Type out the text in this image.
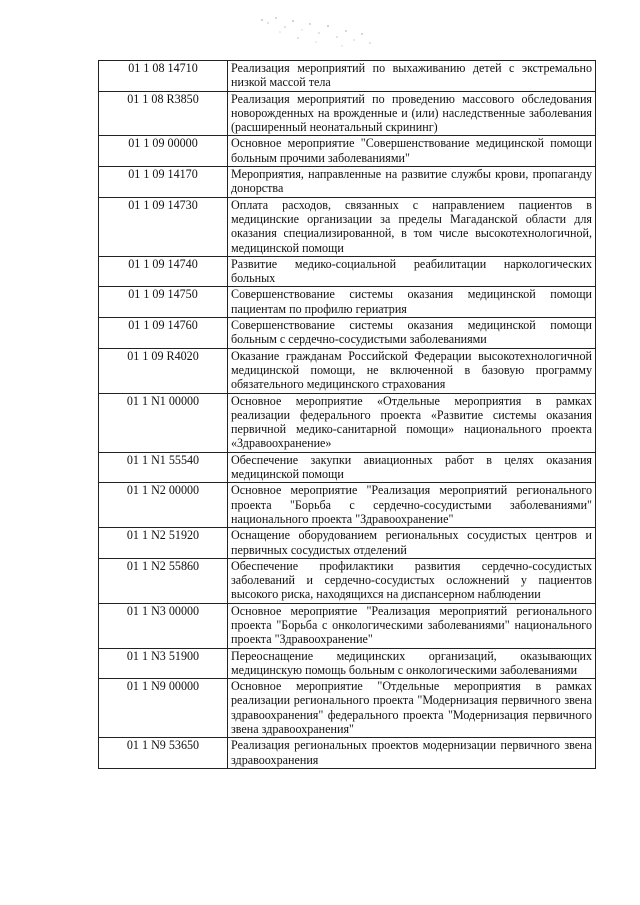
01 1 08 14710	Реализация мероприятий по выхаживанию детей с экстремально низкой массой тела
01 1 08 R3850	Реализация мероприятий по проведению массового обследования новорожденных на врожденные и (или) наследственные заболевания (расширенный неонатальный скрининг)
01 1 09 00000	Основное мероприятие "Совершенствование медицинской помощи больным прочими заболеваниями"
01 1 09 14170	Мероприятия, направленные на развитие службы крови, пропаганду донорства
01 1 09 14730	Оплата расходов, связанных с направлением пациентов в медицинские организации за пределы Магаданской области для оказания специализированной, в том числе высокотехнологичной, медицинской помощи
01 1 09 14740	Развитие медико-социальной реабилитации наркологических больных
01 1 09 14750	Совершенствование системы оказания медицинской помощи пациентам по профилю гериатрия
01 1 09 14760	Совершенствование системы оказания медицинской помощи больным с сердечно-сосудистыми заболеваниями
01 1 09 R4020	Оказание гражданам Российской Федерации высокотехнологичной медицинской помощи, не включенной в базовую программу обязательного медицинского страхования
01 1 N1 00000	Основное мероприятие «Отдельные мероприятия в рамках реализации федерального проекта «Развитие системы оказания первичной медико-санитарной помощи» национального проекта «Здравоохранение»
01 1 N1 55540	Обеспечение закупки авиационных работ в целях оказания медицинской помощи
01 1 N2 00000	Основное мероприятие "Реализация мероприятий регионального проекта "Борьба с сердечно-сосудистыми заболеваниями" национального проекта "Здравоохранение"
01 1 N2 51920	Оснащение оборудованием региональных сосудистых центров и первичных сосудистых отделений
01 1 N2 55860	Обеспечение профилактики развития сердечно-сосудистых заболеваний и сердечно-сосудистых осложнений у пациентов высокого риска, находящихся на диспансерном наблюдении
01 1 N3 00000	Основное мероприятие "Реализация мероприятий регионального проекта "Борьба с онкологическими заболеваниями" национального проекта "Здравоохранение"
01 1 N3 51900	Переоснащение медицинских организаций, оказывающих медицинскую помощь больным с онкологическими заболеваниями
01 1 N9 00000	Основное мероприятие "Отдельные мероприятия в рамках реализации регионального проекта "Модернизация первичного звена здравоохранения" федерального проекта "Модернизация первичного звена здравоохранения"
01 1 N9 53650	Реализация региональных проектов модернизации первичного звена здравоохранения
